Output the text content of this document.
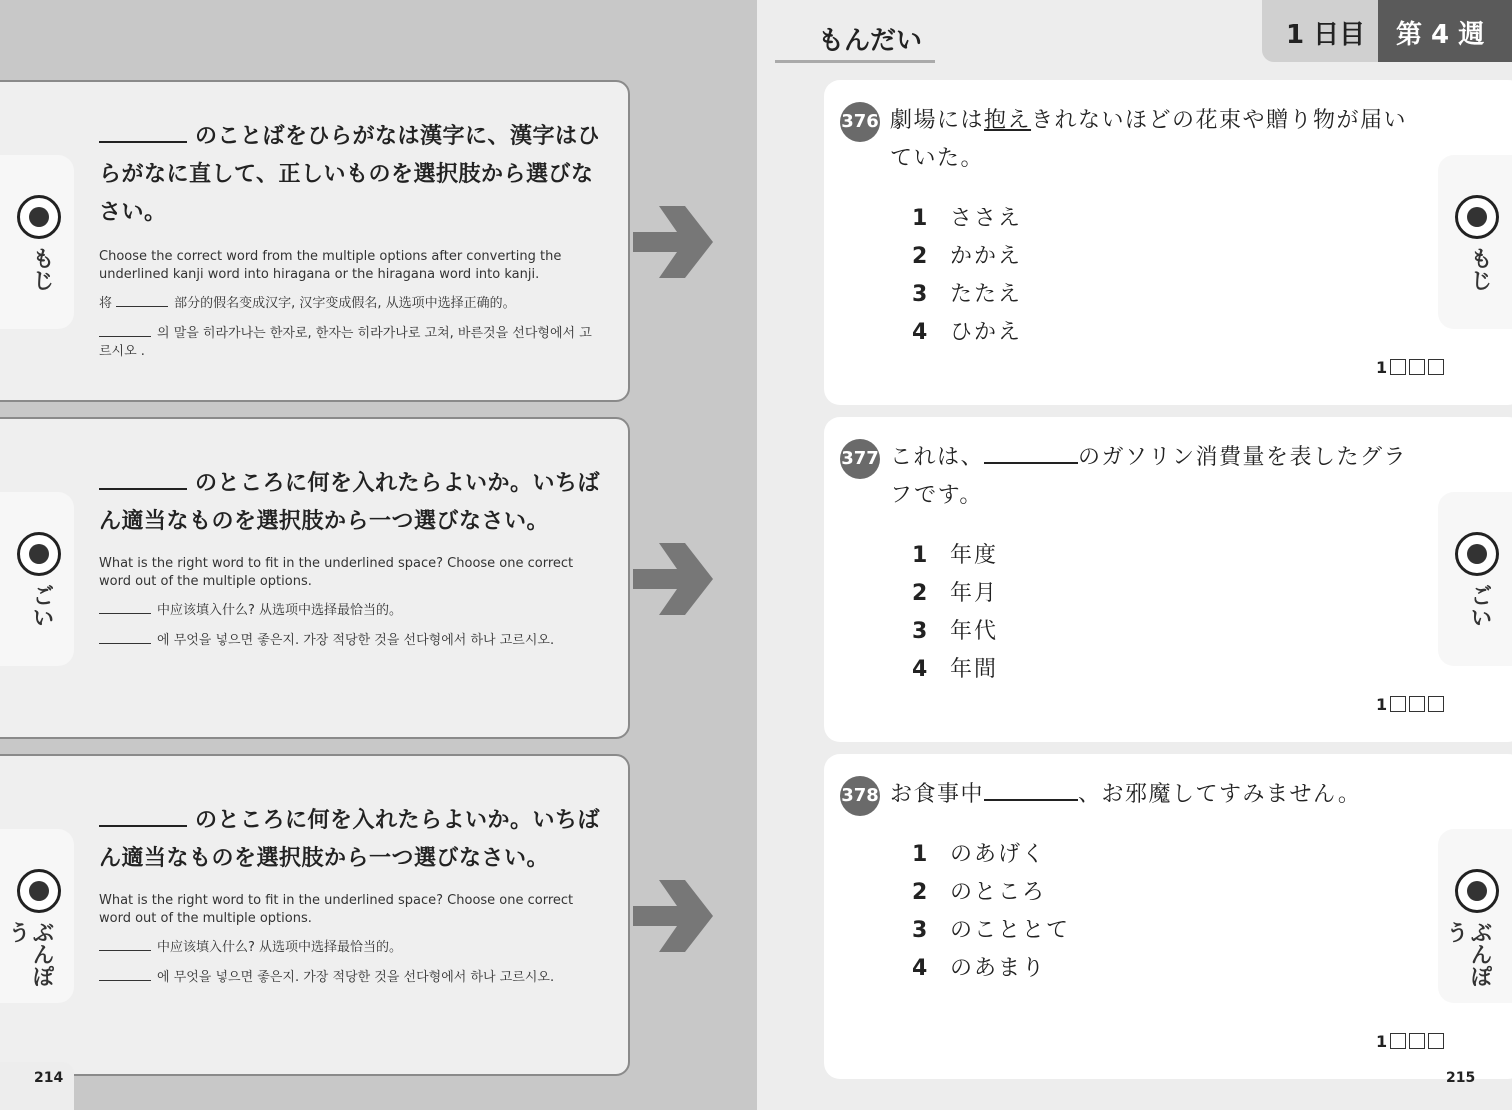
のことばをひらがなは漢字に、漢字はひらがなに直して、正しいものを選択肢から選びなさい。
Choose the correct word from the multiple options after converting the underlined kanji word into hiragana or the hiragana word into kanji.
将	部分的假名变成汉字, 汉字变成假名, 从选项中选择正确的。
의 말을 히라가나는 한자로, 한자는 히라가나로 고쳐, 바른것을 선다형에서 고르시오 .
のところに何を入れたらよいか。いちばん適当なものを選択肢から一つ選びなさい。
What is the right word to fit in the underlined space? Choose one correct word out of the multiple options.
中应该填入什么? 从选项中选择最恰当的。
에 무엇을 넣으면 좋은지. 가장 적당한 것을 선다형에서 하나 고르시오.
のところに何を入れたらよいか。いちばん適当なものを選択肢から一つ選びなさい。
What is the right word to fit in the underlined space? Choose one correct word out of the multiple options.
中应该填入什么? 从选项中选择最恰当的。
에 무엇을 넣으면 좋은지. 가장 적당한 것을 선다형에서 하나 고르시오.
もじ
ごい
ぶんぽう
214
もんだい	1 日目 第 4 週
376 劇場には抱えきれないほどの花束や贈り物が届いていた。
1 ささえ
2 かかえ
3 たたえ
4 ひかえ
1
377 これは、	のガソリン消費量を表したグラフです。
1 年度
2 年月
3 年代
4 年間
1
378 お食事中	、お邪魔してすみません。
1 のあげく
2 のところ
3 のこととて
4 のあまり
1
もじ
ごい
ぶんぽう
215
